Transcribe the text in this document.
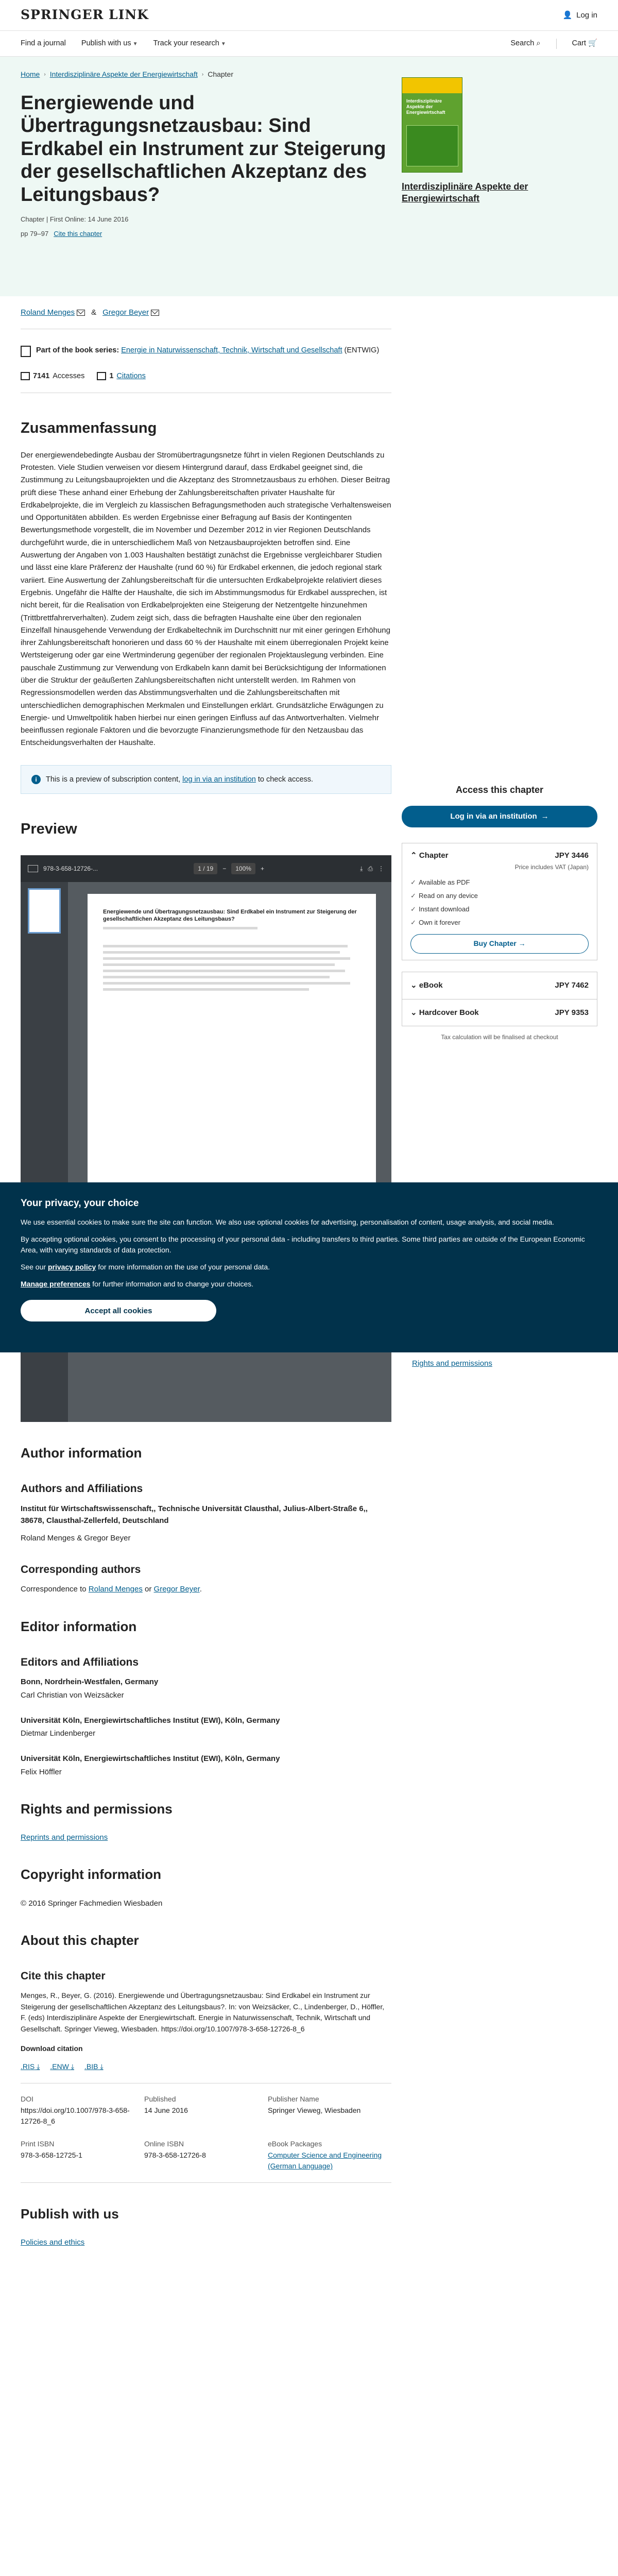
SPRINGER LINK	👤 Log in
Find a journal Publish with us ▼ Track your research ▼	Search ⌕	Cart 🛒
Home › Interdisziplinäre Aspekte der Energiewirtschaft › Chapter
Energiewende und Übertragungsnetzausbau: Sind Erdkabel ein Instrument zur Steigerung der gesellschaftlichen Akzeptanz des Leitungsbaus?
Chapter | First Online: 14 June 2016
pp 79–97 Cite this chapter
Interdisziplinäre Aspekte der Energiewirtschaft
Interdisziplinäre Aspekte der Energiewirtschaft
Roland Menges	& Gregor Beyer
Part of the book series: Energie in Naturwissenschaft, Technik, Wirtschaft und Gesellschaft (ENTWIG)
7141 Accesses	1 Citations
Zusammenfassung

Der energiewendebedingte Ausbau der Stromübertragungsnetze führt in vielen Regionen Deutschlands zu Protesten. Viele Studien verweisen vor diesem Hintergrund darauf, dass Erdkabel geeignet sind, die Zustimmung zu Leitungsbauprojekten und die Akzeptanz des Stromnetzausbaus zu erhöhen. Dieser Beitrag prüft diese These anhand einer Erhebung der Zahlungsbereitschaften privater Haushalte für Erdkabelprojekte, die im Vergleich zu klassischen Befragungsmethoden auch strategische Verhaltensweisen und Opportunitäten abbilden. Es werden Ergebnisse einer Befragung auf Basis der Kontingenten Bewertungsmethode vorgestellt, die im November und Dezember 2012 in vier Regionen Deutschlands durchgeführt wurde, die in unterschiedlichem Maß von Netzausbauprojekten betroffen sind. Eine Auswertung der Angaben von 1.003 Haushalten bestätigt zunächst die Ergebnisse vergleichbarer Studien und lässt eine klare Präferenz der Haushalte (rund 60 %) für Erdkabel erkennen, die jedoch regional stark variiert. Eine Auswertung der Zahlungsbereitschaft für die untersuchten Erdkabelprojekte relativiert dieses Ergebnis. Ungefähr die Hälfte der Haushalte, die sich im Abstimmungsmodus für Erdkabel aussprechen, ist nicht bereit, für die Realisation von Erdkabelprojekten eine Steigerung der Netzentgelte hinzunehmen (Trittbrettfahrerverhalten). Zudem zeigt sich, dass die befragten Haushalte eine über den regionalen Einzelfall hinausgehende Verwendung der Erdkabeltechnik im Durchschnitt nur mit einer geringen Erhöhung ihrer Zahlungsbereitschaft honorieren und dass 60 % der Haushalte mit einem überregionalen Projekt keine Wertsteigerung oder gar eine Wertminderung gegenüber der regionalen Projektauslegung verbinden. Eine pauschale Zustimmung zur Verwendung von Erdkabeln kann damit bei Berücksichtigung der Informationen über die Struktur der geäußerten Zahlungsbereitschaften nicht unterstellt werden. Im Rahmen von Regressionsmodellen werden das Abstimmungsverhalten und die Zahlungsbereitschaften mit unterschiedlichen demographischen Merkmalen und Einstellungen erklärt. Grundsätzliche Erwägungen zu Energie- und Umweltpolitik haben hierbei nur einen geringen Einfluss auf das Antwortverhalten. Vielmehr beeinflussen regionale Faktoren und die bevorzugte Finanzierungsmethode für den Netzausbau das Entscheidungsverhalten der Haushalte.

i	This is a preview of subscription content, log in via an institution to check access.
Preview
978-3-658-12726-...	1 / 19	−	100%	+	⤓ ⎙ ⋮
Energiewende und Übertragungsnetzausbau: Sind Erdkabel ein Instrument zur Steigerung der gesellschaftlichen Akzeptanz des Leitungsbaus?
Author information
Authors and Affiliations

Institut für Wirtschaftswissenschaft,, Technische Universität Clausthal, Julius-Albert-Straße 6,, 38678, Clausthal-Zellerfeld, Deutschland

Roland Menges & Gregor Beyer

Corresponding authors

Correspondence to Roland Menges or Gregor Beyer.

Editor information
Editors and Affiliations

Bonn, Nordrhein-Westfalen, Germany

Carl Christian von Weizsäcker

Universität Köln, Energiewirtschaftliches Institut (EWI), Köln, Germany

Dietmar Lindenberger

Universität Köln, Energiewirtschaftliches Institut (EWI), Köln, Germany

Felix Höffler

Rights and permissions

Reprints and permissions

Copyright information

© 2016 Springer Fachmedien Wiesbaden

About this chapter
Cite this chapter

Menges, R., Beyer, G. (2016). Energiewende und Übertragungsnetzausbau: Sind Erdkabel ein Instrument zur Steigerung der gesellschaftlichen Akzeptanz des Leitungsbaus?. In: von Weizsäcker, C., Lindenberger, D., Höffler, F. (eds) Interdisziplinäre Aspekte der Energiewirtschaft. Energie in Naturwissenschaft, Technik, Wirtschaft und Gesellschaft. Springer Vieweg, Wiesbaden. https://doi.org/10.1007/978-3-658-12726-8_6

Download citation

.RIS ⤓ .ENW ⤓ .BIB ⤓
DOI
https://doi.org/10.1007/978-3-658-12726-8_6
Published
14 June 2016
Publisher Name
Springer Vieweg, Wiesbaden
Print ISBN
978-3-658-12725-1
Online ISBN
978-3-658-12726-8
eBook Packages
Computer Science and Engineering (German Language)
Publish with us

Policies and ethics

Access this chapter
Log in via an institution →
⌃ Chapter	JPY 3446
Price includes VAT (Japan)
✓ Available as PDF
✓ Read on any device
✓ Instant download
✓ Own it forever
Buy Chapter
→
⌄ eBook	JPY 7462
⌄ Hardcover Book	JPY 9353
Tax calculation will be finalised at checkout
Rights and permissions
Your privacy, your choice

We use essential cookies to make sure the site can function. We also use optional cookies for advertising, personalisation of content, usage analysis, and social media.

By accepting optional cookies, you consent to the processing of your personal data - including transfers to third parties. Some third parties are outside of the European Economic Area, with varying standards of data protection.

See our privacy policy for more information on the use of your personal data.

Manage preferences for further information and to change your choices.

Accept all cookies
